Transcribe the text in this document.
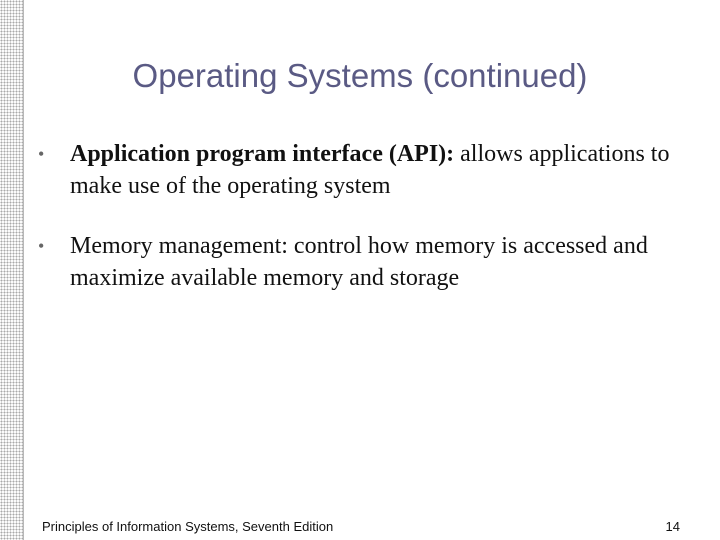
Operating Systems (continued)
•	Application program interface (API): allows applications to make use of the operating system
•	Memory management: control how memory is accessed and maximize available memory and storage
Principles of Information Systems, Seventh Edition	14
